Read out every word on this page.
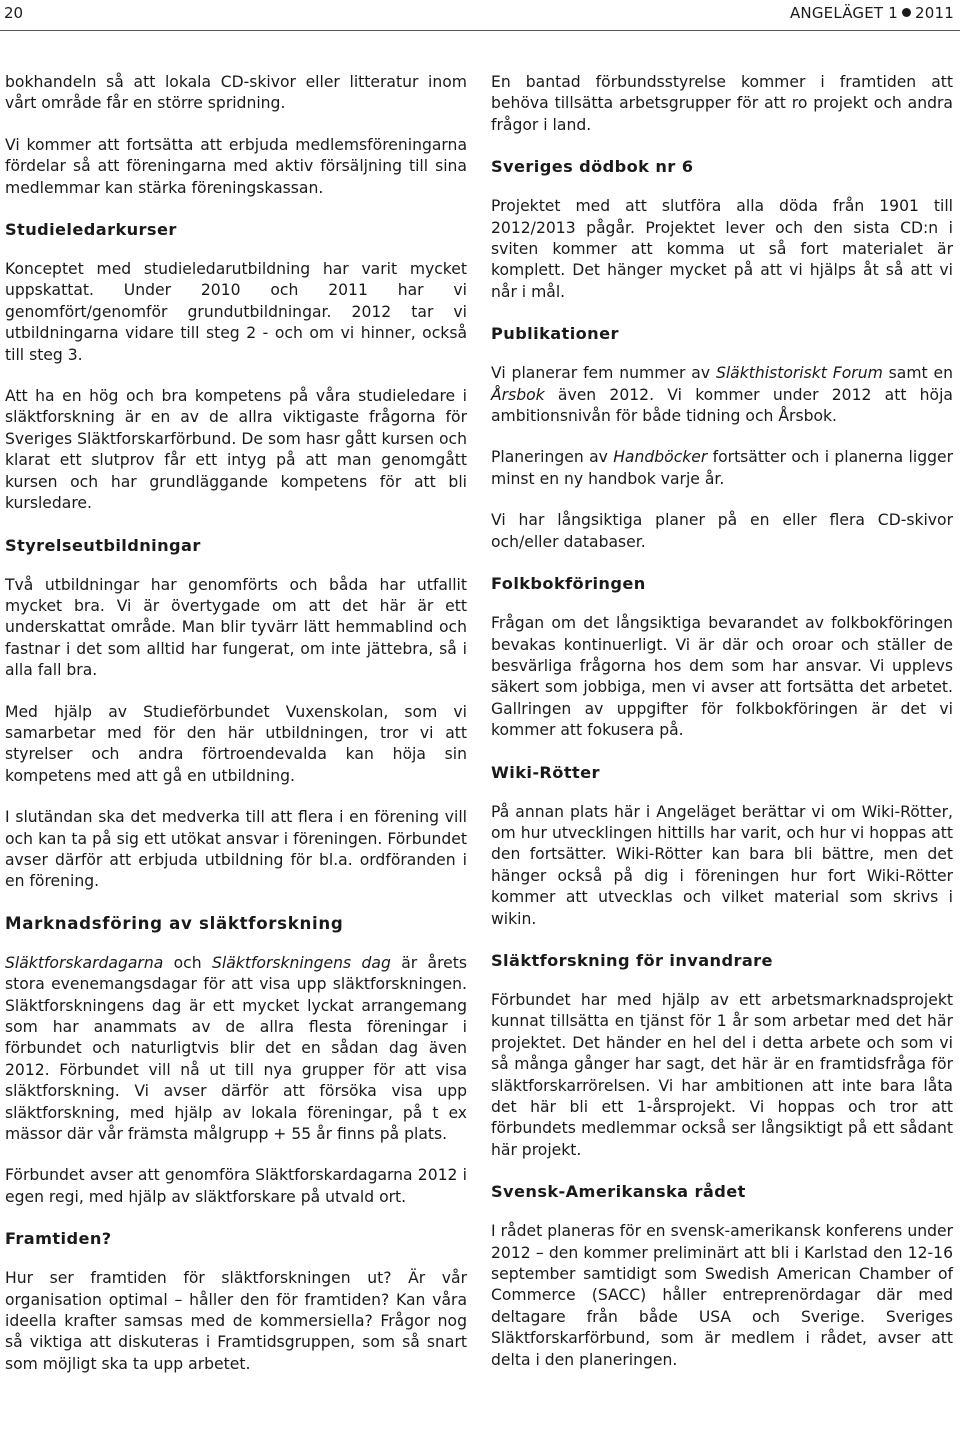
20	ANGELÄGET 1 2011

bokhandeln så att lokala CD-skivor eller litteratur inom vårt område får en större spridning.

Vi kommer att fortsätta att erbjuda medlemsföreningarna fördelar så att föreningarna med aktiv försäljning till sina medlemmar kan stärka föreningskassan.

Studieledarkurser

Konceptet med studieledarutbildning har varit mycket uppskattat. Under 2010 och 2011 har vi genomfört/genomför grundutbildningar. 2012 tar vi utbildningarna vidare till steg 2 - och om vi hinner, också till steg 3.

Att ha en hög och bra kompetens på våra studieledare i släktforskning är en av de allra viktigaste frågorna för Sveriges Släktforskarförbund. De som hasr gått kursen och klarat ett slutprov får ett intyg på att man genomgått kursen och har grundläggande kompetens för att bli kursledare.

Styrelseutbildningar

Två utbildningar har genomförts och båda har utfallit mycket bra. Vi är övertygade om att det här är ett underskattat område. Man blir tyvärr lätt hemmablind och fastnar i det som alltid har fungerat, om inte jättebra, så i alla fall bra.

Med hjälp av Studieförbundet Vuxenskolan, som vi samarbetar med för den här utbildningen, tror vi att styrelser och andra förtroendevalda kan höja sin kompetens med att gå en utbildning.

I slutändan ska det medverka till att flera i en förening vill och kan ta på sig ett utökat ansvar i föreningen. Förbundet avser därför att erbjuda utbildning för bl.a. ordföranden i en förening.

Marknadsföring av släktforskning

Släktforskardagarna och Släktforskningens dag är årets stora evenemangsdagar för att visa upp släktforskningen. Släktforskningens dag är ett mycket lyckat arrangemang som har anammats av de allra flesta föreningar i förbundet och naturligtvis blir det en sådan dag även 2012. Förbundet vill nå ut till nya grupper för att visa släktforskning. Vi avser därför att försöka visa upp släktforskning, med hjälp av lokala föreningar, på t ex mässor där vår främsta målgrupp + 55 år finns på plats.

Förbundet avser att genomföra Släktforskardagarna 2012 i egen regi, med hjälp av släktforskare på utvald ort.

Framtiden?

Hur ser framtiden för släktforskningen ut? Är vår organisation optimal – håller den för framtiden? Kan våra ideella krafter samsas med de kommersiella? Frågor nog så viktiga att diskuteras i Framtidsgruppen, som så snart som möjligt ska ta upp arbetet.

En bantad förbundsstyrelse kommer i framtiden att behöva tillsätta arbetsgrupper för att ro projekt och andra frågor i land.

Sveriges dödbok nr 6

Projektet med att slutföra alla döda från 1901 till 2012/2013 pågår. Projektet lever och den sista CD:n i sviten kommer att komma ut så fort materialet är komplett. Det hänger mycket på att vi hjälps åt så att vi når i mål.

Publikationer

Vi planerar fem nummer av Släkthistoriskt Forum samt en Årsbok även 2012. Vi kommer under 2012 att höja ambitionsnivån för både tidning och Årsbok.

Planeringen av Handböcker fortsätter och i planerna ligger minst en ny handbok varje år.

Vi har långsiktiga planer på en eller flera CD-skivor och/eller databaser.

Folkbokföringen

Frågan om det långsiktiga bevarandet av folkbokföringen bevakas kontinuerligt. Vi är där och oroar och ställer de besvärliga frågorna hos dem som har ansvar. Vi upplevs säkert som jobbiga, men vi avser att fortsätta det arbetet. Gallringen av uppgifter för folkbokföringen är det vi kommer att fokusera på.

Wiki-Rötter

På annan plats här i Angeläget berättar vi om Wiki-Rötter, om hur utvecklingen hittills har varit, och hur vi hoppas att den fortsätter. Wiki-Rötter kan bara bli bättre, men det hänger också på dig i föreningen hur fort Wiki-Rötter kommer att utvecklas och vilket material som skrivs i wikin.

Släktforskning för invandrare

Förbundet har med hjälp av ett arbetsmarknadsprojekt kunnat tillsätta en tjänst för 1 år som arbetar med det här projektet. Det händer en hel del i detta arbete och som vi så många gånger har sagt, det här är en framtidsfråga för släktforskarrörelsen. Vi har ambitionen att inte bara låta det här bli ett 1-årsprojekt. Vi hoppas och tror att förbundets medlemmar också ser långsiktigt på ett sådant här projekt.

Svensk-Amerikanska rådet

I rådet planeras för en svensk-amerikansk konferens under 2012 – den kommer preliminärt att bli i Karlstad den 12-16 september samtidigt som Swedish American Chamber of Commerce (SACC) håller entreprenördagar där med deltagare från både USA och Sverige. Sveriges Släktforskarförbund, som är medlem i rådet, avser att delta i den planeringen.
